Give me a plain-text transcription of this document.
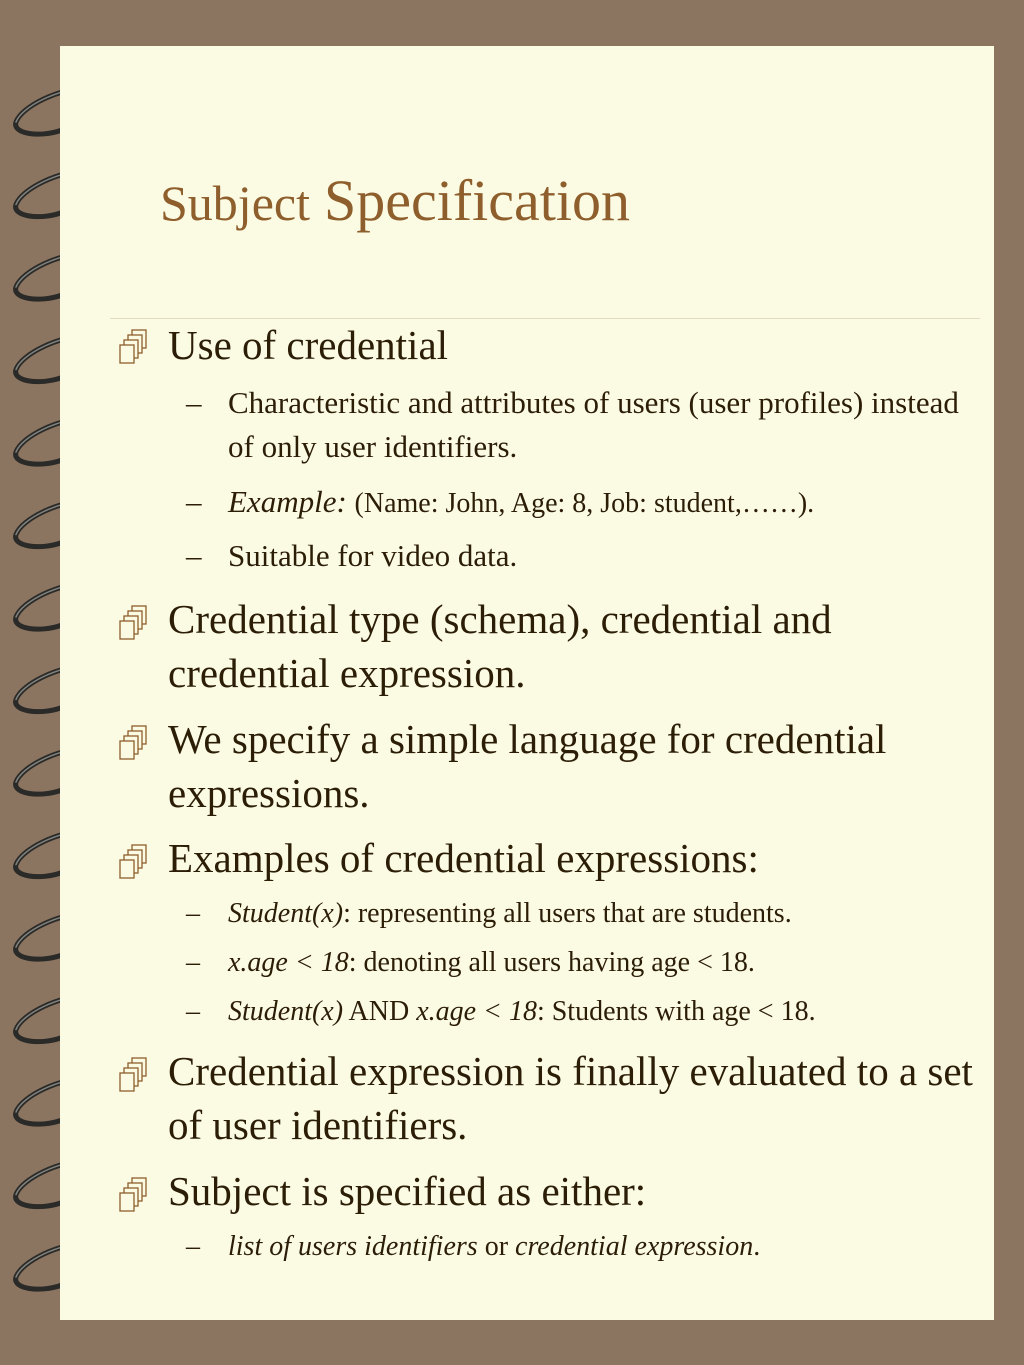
Subject Specification
Use of credential
– Characteristic and attributes of users (user profiles) instead of only user identifiers.
– Example: (Name: John, Age: 8, Job: student,……).
– Suitable for video data.
Credential type (schema), credential and credential expression.
We specify a simple language for credential expressions.
Examples of credential expressions:
– Student(x): representing all users that are students.
– x.age < 18: denoting all users having age < 18.
– Student(x) AND x.age < 18: Students with age < 18.
Credential expression is finally evaluated to a set of user identifiers.
Subject is specified as either:
– list of users identifiers or credential expression.
